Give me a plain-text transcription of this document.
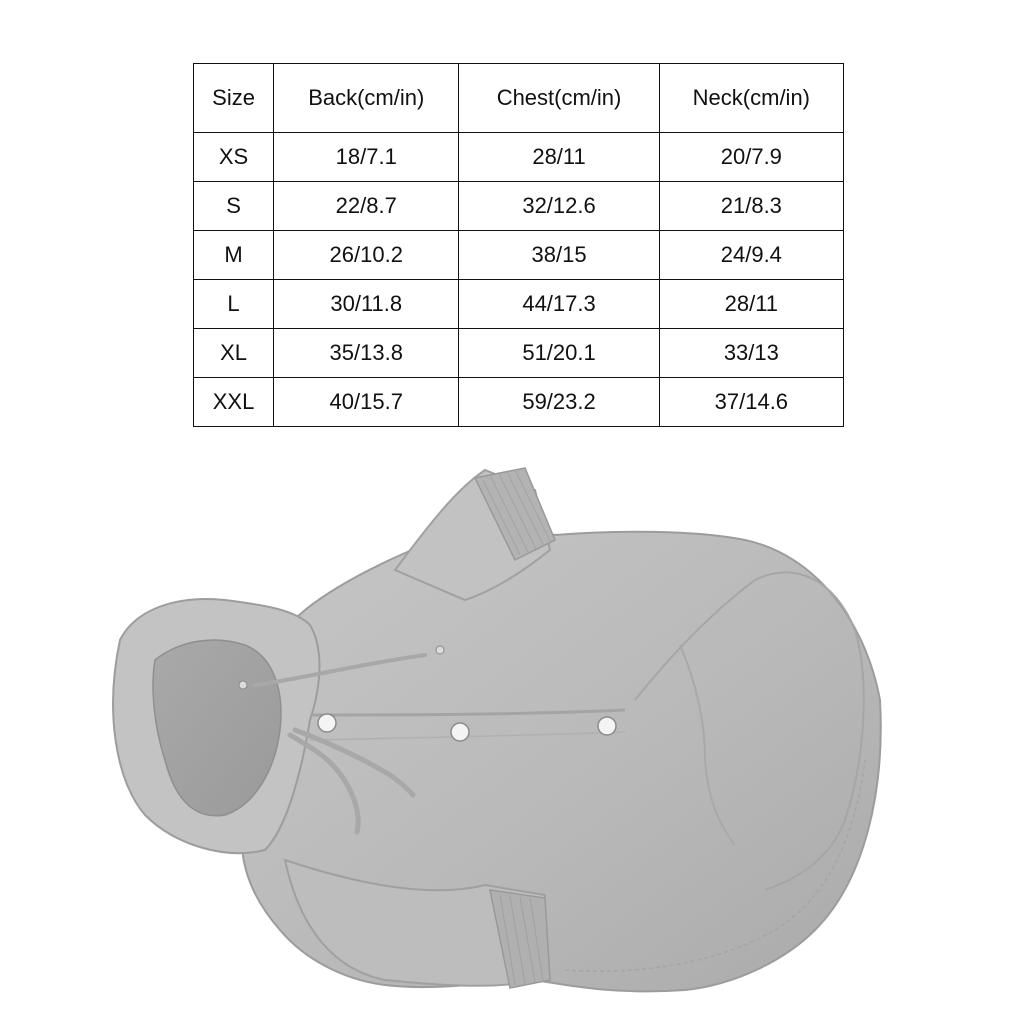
Size	Back(cm/in)	Chest(cm/in)	Neck(cm/in)
XS	18/7.1	28/11	20/7.9
S	22/8.7	32/12.6	21/8.3
M	26/10.2	38/15	24/9.4
L	30/11.8	44/17.3	28/11
XL	35/13.8	51/20.1	33/13
XXL	40/15.7	59/23.2	37/14.6
